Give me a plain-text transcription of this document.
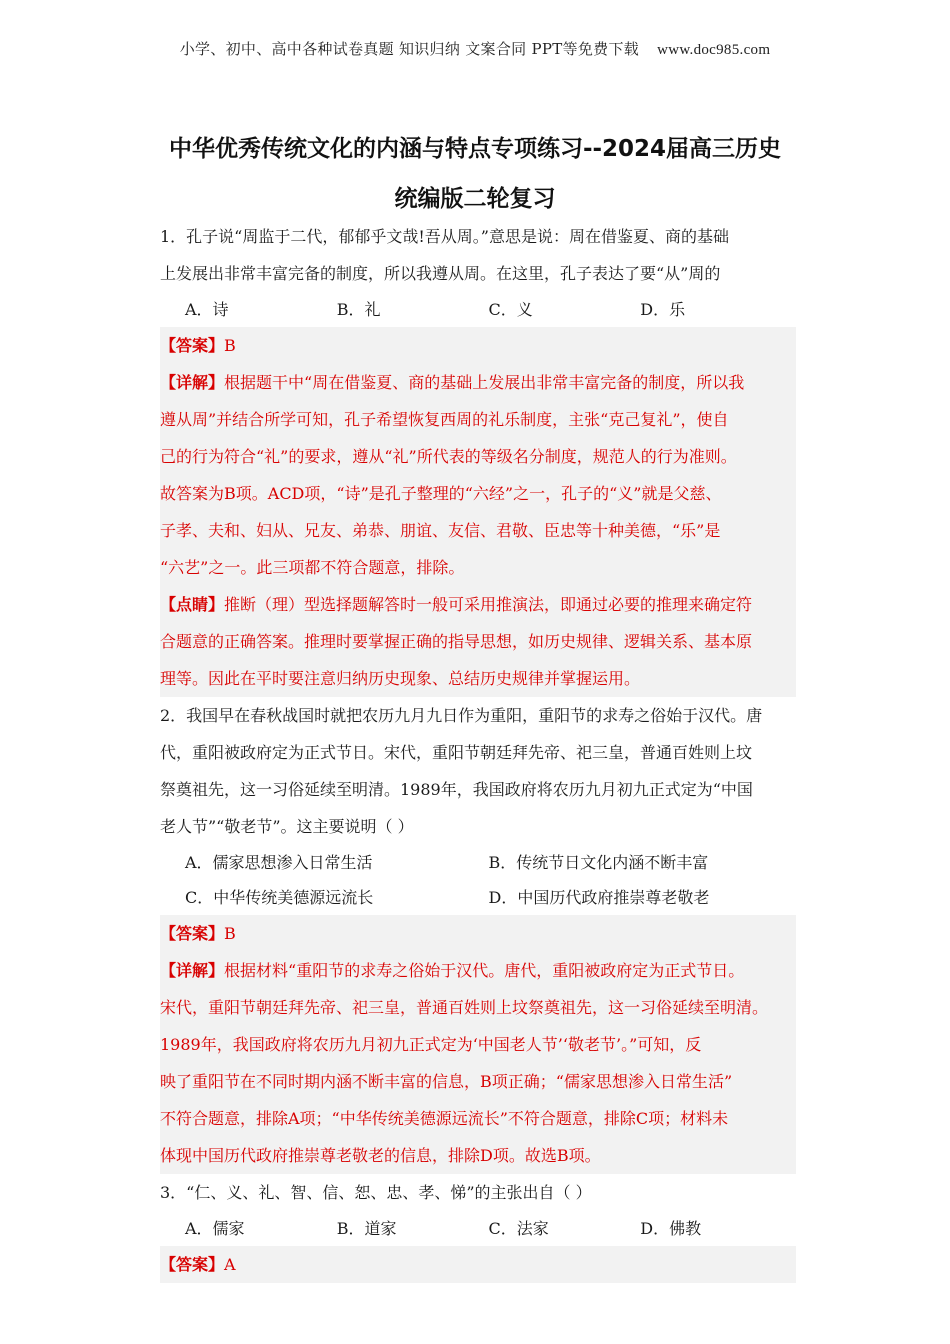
小学、初中、高中各种试卷真题 知识归纳 文案合同 PPT等免费下载 www.doc985.com
中华优秀传统文化的内涵与特点专项练习--2024届高三历史
统编版二轮复习
1．孔子说“周监于二代，郁郁乎文哉!吾从周。”意思是说：周在借鉴夏、商的基础
上发展出非常丰富完备的制度，所以我遵从周。在这里，孔子表达了要“从”周的
A．诗	B．礼	C．义	D．乐
【答案】B
【详解】根据题干中“周在借鉴夏、商的基础上发展出非常丰富完备的制度，所以我
遵从周”并结合所学可知，孔子希望恢复西周的礼乐制度，主张“克己复礼”，使自
己的行为符合“礼”的要求，遵从“礼”所代表的等级名分制度，规范人的行为准则。
故答案为B项。ACD项，“诗”是孔子整理的“六经”之一，孔子的“义”就是父慈、
子孝、夫和、妇从、兄友、弟恭、朋谊、友信、君敬、臣忠等十种美德，“乐”是
“六艺”之一。此三项都不符合题意，排除。
【点睛】推断（理）型选择题解答时一般可采用推演法，即通过必要的推理来确定符
合题意的正确答案。推理时要掌握正确的指导思想，如历史规律、逻辑关系、基本原
理等。因此在平时要注意归纳历史现象、总结历史规律并掌握运用。
2．我国早在春秋战国时就把农历九月九日作为重阳，重阳节的求寿之俗始于汉代。唐
代，重阳被政府定为正式节日。宋代，重阳节朝廷拜先帝、祀三皇，普通百姓则上坟
祭奠祖先，这一习俗延续至明清。1989年，我国政府将农历九月初九正式定为“中国
老人节”“敬老节”。这主要说明（ ）
A．儒家思想渗入日常生活	B．传统节日文化内涵不断丰富
C．中华传统美德源远流长	D．中国历代政府推崇尊老敬老
【答案】B
【详解】根据材料“重阳节的求寿之俗始于汉代。唐代，重阳被政府定为正式节日。
宋代，重阳节朝廷拜先帝、祀三皇，普通百姓则上坟祭奠祖先，这一习俗延续至明清。
1989年，我国政府将农历九月初九正式定为‘中国老人节’‘敬老节’。”可知，反
映了重阳节在不同时期内涵不断丰富的信息，B项正确；“儒家思想渗入日常生活”
不符合题意，排除A项；“中华传统美德源远流长”不符合题意，排除C项；材料未
体现中国历代政府推崇尊老敬老的信息，排除D项。故选B项。
3．“仁、义、礼、智、信、恕、忠、孝、悌”的主张出自（ ）
A．儒家	B．道家	C．法家	D．佛教
【答案】A
